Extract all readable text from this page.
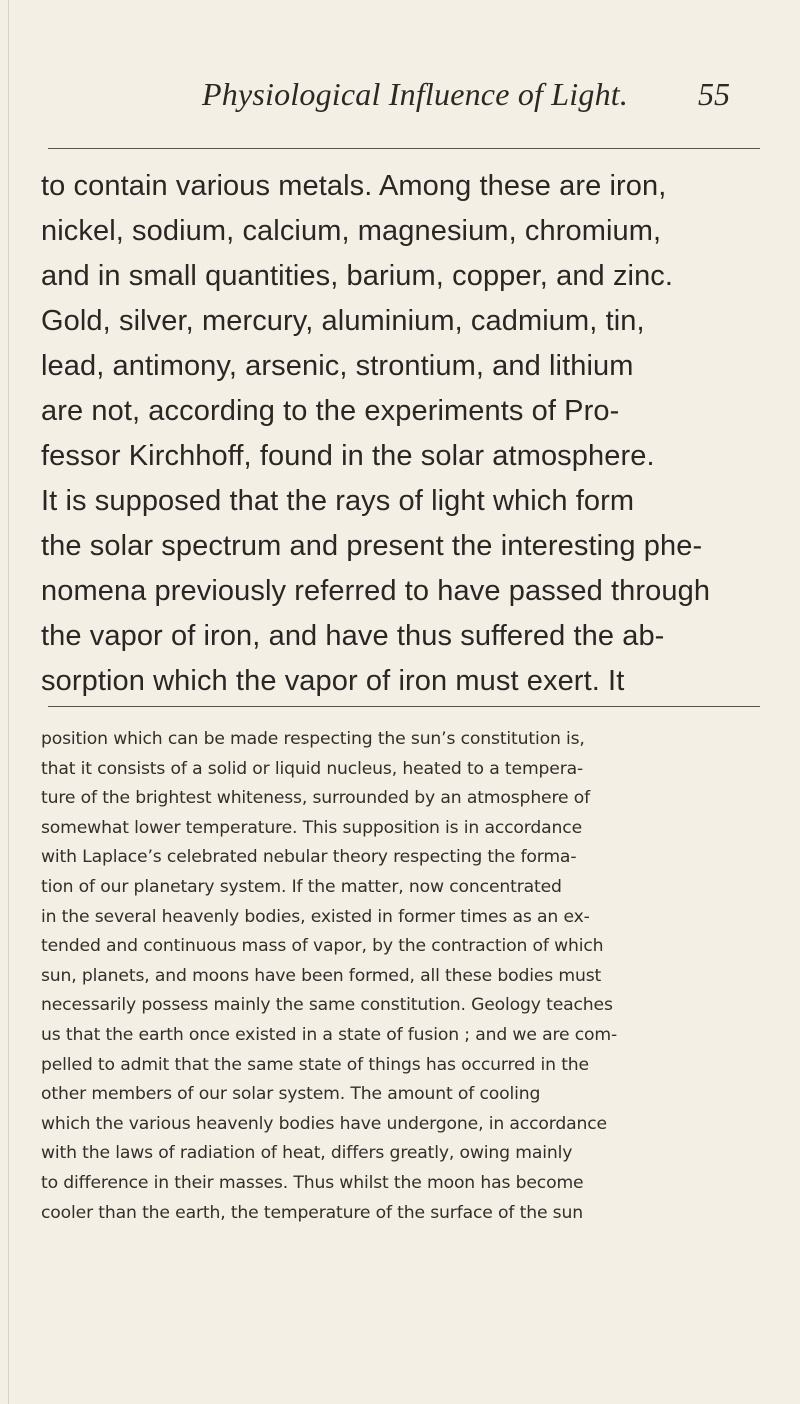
Physiological Influence of Light. 55
to contain various metals. Among these are iron,
nickel, sodium, calcium, magnesium, chromium,
and in small quantities, barium, copper, and zinc.
Gold, silver, mercury, aluminium, cadmium, tin,
lead, antimony, arsenic, strontium, and lithium
are not, according to the experiments of Pro-
fessor Kirchhoff, found in the solar atmosphere.
It is supposed that the rays of light which form
the solar spectrum and present the interesting phe-
nomena previously referred to have passed through
the vapor of iron, and have thus suffered the ab-
sorption which the vapor of iron must exert. It
position which can be made respecting the sun’s constitution is,
that it consists of a solid or liquid nucleus, heated to a tempera-
ture of the brightest whiteness, surrounded by an atmosphere of
somewhat lower temperature. This supposition is in accordance
with Laplace’s celebrated nebular theory respecting the forma-
tion of our planetary system. If the matter, now concentrated
in the several heavenly bodies, existed in former times as an ex-
tended and continuous mass of vapor, by the contraction of which
sun, planets, and moons have been formed, all these bodies must
necessarily possess mainly the same constitution. Geology teaches
us that the earth once existed in a state of fusion ; and we are com-
pelled to admit that the same state of things has occurred in the
other members of our solar system. The amount of cooling
which the various heavenly bodies have undergone, in accordance
with the laws of radiation of heat, differs greatly, owing mainly
to difference in their masses. Thus whilst the moon has become
cooler than the earth, the temperature of the surface of the sun
